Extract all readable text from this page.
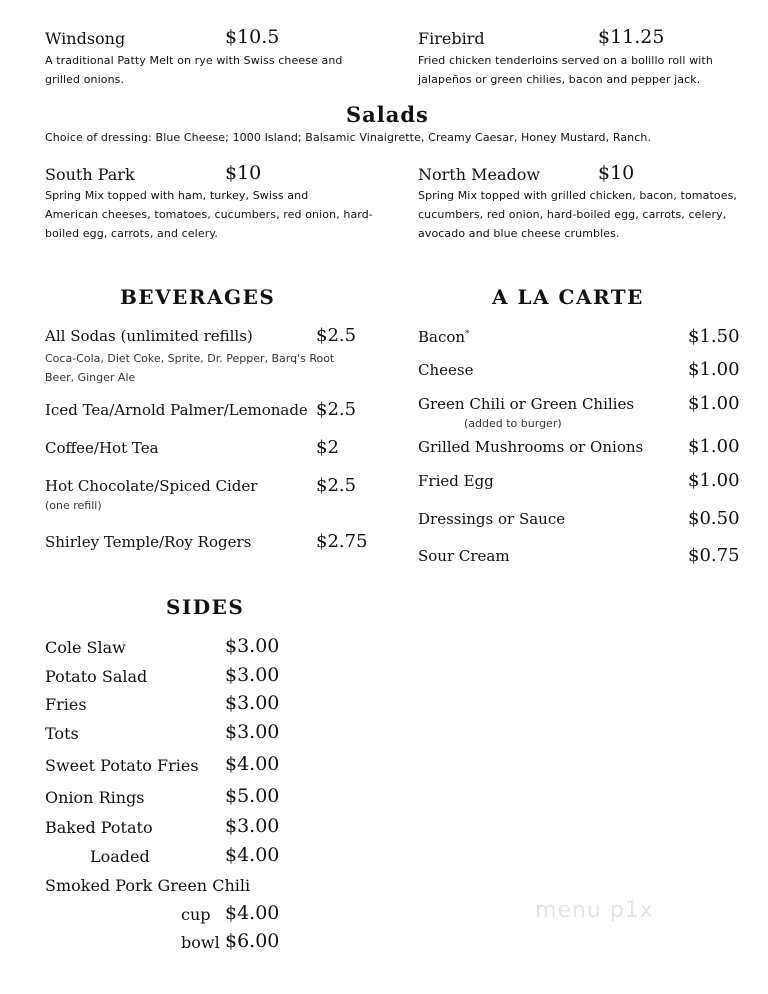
Windsong	$10.5
A traditional Patty Melt on rye with Swiss cheese and
grilled onions.
Firebird	$11.25
Fried chicken tenderloins served on a bolillo roll with
jalapeños or green chilies, bacon and pepper jack.
Salads
Choice of dressing: Blue Cheese; 1000 Island; Balsamic Vinaigrette, Creamy Caesar, Honey Mustard, Ranch.
South Park	$10
Spring Mix topped with ham, turkey, Swiss and
American cheeses, tomatoes, cucumbers, red onion, hard-
boiled egg, carrots, and celery.
North Meadow	$10
Spring Mix topped with grilled chicken, bacon, tomatoes,
cucumbers, red onion, hard-boiled egg, carrots, celery,
avocado and blue cheese crumbles.
BEVERAGES
All Sodas (unlimited refills)	$2.5
Coca-Cola, Diet Coke, Sprite, Dr. Pepper, Barq's Root
Beer, Ginger Ale
Iced Tea/Arnold Palmer/Lemonade $2.5
Coffee/Hot Tea	$2
Hot Chocolate/Spiced Cider	$2.5
(one refill)
Shirley Temple/Roy Rogers	$2.75
A LA CARTE
Bacon*	$1.50
Cheese	$1.00
Green Chili or Green Chilies	$1.00
(added to burger)
Grilled Mushrooms or Onions $1.00
Fried Egg	$1.00
Dressings or Sauce	$0.50
Sour Cream	$0.75
SIDES
Cole Slaw	$3.00
Potato Salad	$3.00
Fries	$3.00
Tots	$3.00
Sweet Potato Fries $4.00
Onion Rings	$5.00
Baked Potato	$3.00
Loaded	$4.00
Smoked Pork Green Chili
cup $4.00
bowl $6.00
menu p1x
